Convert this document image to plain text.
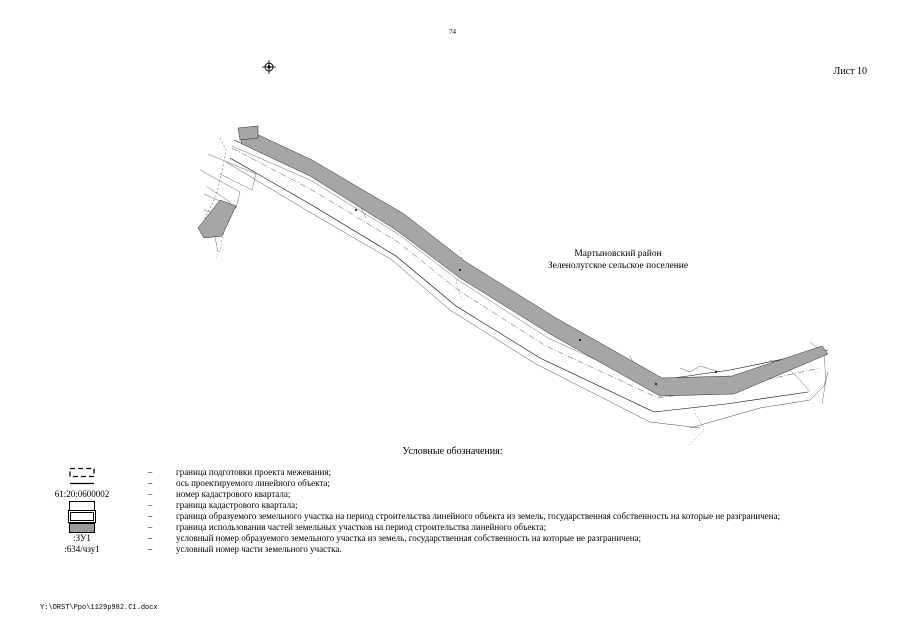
74
Лист 10
Мартыновский район
Зеленолугское сельское поселение
Условные обозначения:
–	граница подготовки проекта межевания;
–	ось проектируемого линейного объекта;
61:20:0600002	–	номер кадастрового квартала;
–	граница кадастрового квартала;
–	граница образуемого земельного участка на период строительства линейного объекта из земель, государственная собственность на которые не разграничена;
–	граница использования частей земельных участков на период строительства линейного объекта;
:ЗУ1	–	условный номер образуемого земельного участка из земель, государственная собственность на которые не разграничена;
:634/чзу1	–	условный номер части земельного участка.
Y:\ORST\Ppo\1129p982.C1.docx
